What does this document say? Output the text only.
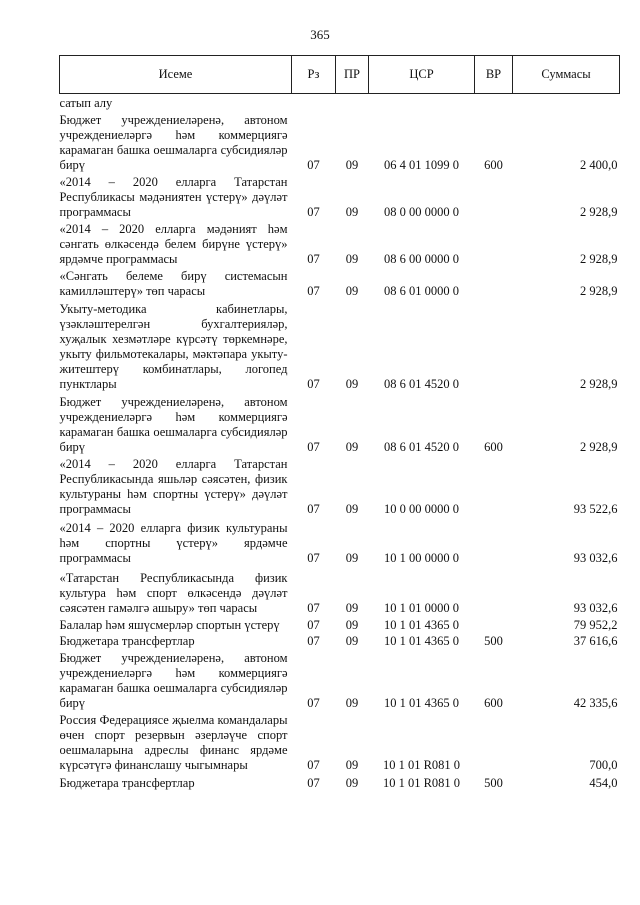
365
Исеме	Рз	ПР	ЦСР	ВР	Суммасы
сатып алу					
Бюджет учреждениеләренә, автоном учреждениеләргә һәм коммерциягә карамаган башка оешмаларга субсидияләр бирү	07	09	06 4 01 1099 0	600	2 400,0
«2014 – 2020 елларга Татарстан Республикасы мәдәниятен үстерү» дәүләт программасы	07	09	08 0 00 0000 0		2 928,9
«2014 – 2020 елларга мәдәният һәм сәнгать өлкәсендә белем бирүне үстерү» ярдәмче программасы	07	09	08 6 00 0000 0		2 928,9
«Сәнгать белеме бирү системасын камилләштерү» төп чарасы	07	09	08 6 01 0000 0		2 928,9
Укыту-методика кабинетлары, үзәкләштерелгән бухгалтерияләр, хуҗалык хезмәтләре күрсәтү төркемнәре, укыту фильмотекалары, мәктәпара укыту-житештерү комбинатлары, логопед пунктлары	07	09	08 6 01 4520 0		2 928,9
Бюджет учреждениеләренә, автоном учреждениеләргә һәм коммерциягә карамаган башка оешмаларга субсидияләр бирү	07	09	08 6 01 4520 0	600	2 928,9
«2014 – 2020 елларга Татарстан Республикасында яшьләр сәясәтен, физик культураны һәм спортны үстерү» дәүләт программасы	07	09	10 0 00 0000 0		93 522,6
«2014 – 2020 елларга физик культураны һәм спортны үстерү» ярдәмче программасы	07	09	10 1 00 0000 0		93 032,6
«Татарстан Республикасында физик культура һәм спорт өлкәсендә дәүләт сәясәтен гамәлгә ашыру» төп чарасы	07	09	10 1 01 0000 0		93 032,6
Балалар һәм яшүсмерләр спортын үстерү	07	09	10 1 01 4365 0		79 952,2
Бюджетара трансфертлар	07	09	10 1 01 4365 0	500	37 616,6
Бюджет учреждениеләренә, автоном учреждениеләргә һәм коммерциягә карамаган башка оешмаларга субсидияләр бирү	07	09	10 1 01 4365 0	600	42 335,6
Россия Федерациясе җыелма командалары өчен спорт резервын әзерләүче спорт оешмаларына адреслы финанс ярдәме күрсәтүгә финанслашу чыгымнары	07	09	10 1 01 R081 0		700,0
Бюджетара трансфертлар	07	09	10 1 01 R081 0	500	454,0
